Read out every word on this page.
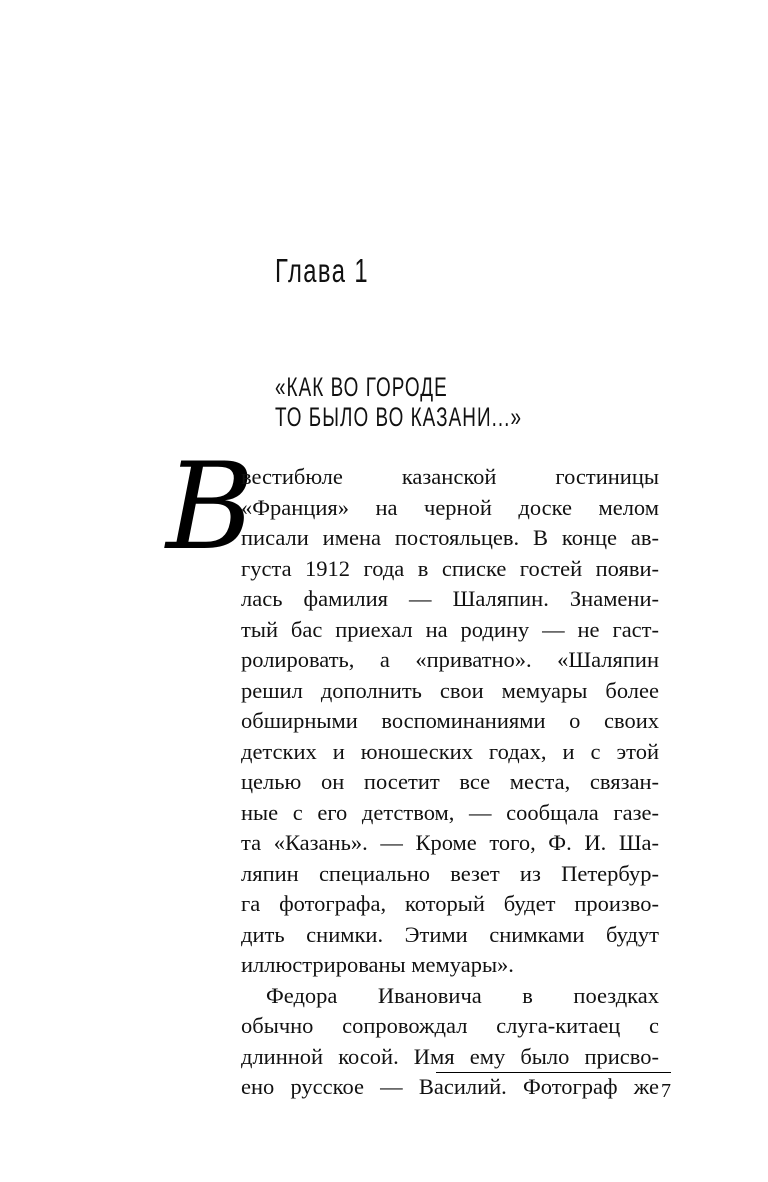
Глава 1
«КАК ВО ГОРОДЕ
ТО БЫЛО ВО КАЗАНИ...»
В
вестибюле казанской гостиницы
«Франция» на черной доске мелом
писали имена постояльцев. В конце ав-
густа 1912 года в списке гостей появи-
лась фамилия — Шаляпин. Знамени-
тый бас приехал на родину — не гаст-
ролировать, а «приватно». «Шаляпин
решил дополнить свои мемуары более
обширными воспоминаниями о своих
детских и юношеских годах, и с этой
целью он посетит все места, связан-
ные с его детством, — сообщала газе-
та «Казань». — Кроме того, Ф. И. Ша-
ляпин специально везет из Петербур-
га фотографа, который будет произво-
дить снимки. Этими снимками будут
иллюстрированы мемуары».
Федора Ивановича в поездках
обычно сопровождал слуга-китаец с
длинной косой. Имя ему было присво-
ено русское — Василий. Фотограф же 7
